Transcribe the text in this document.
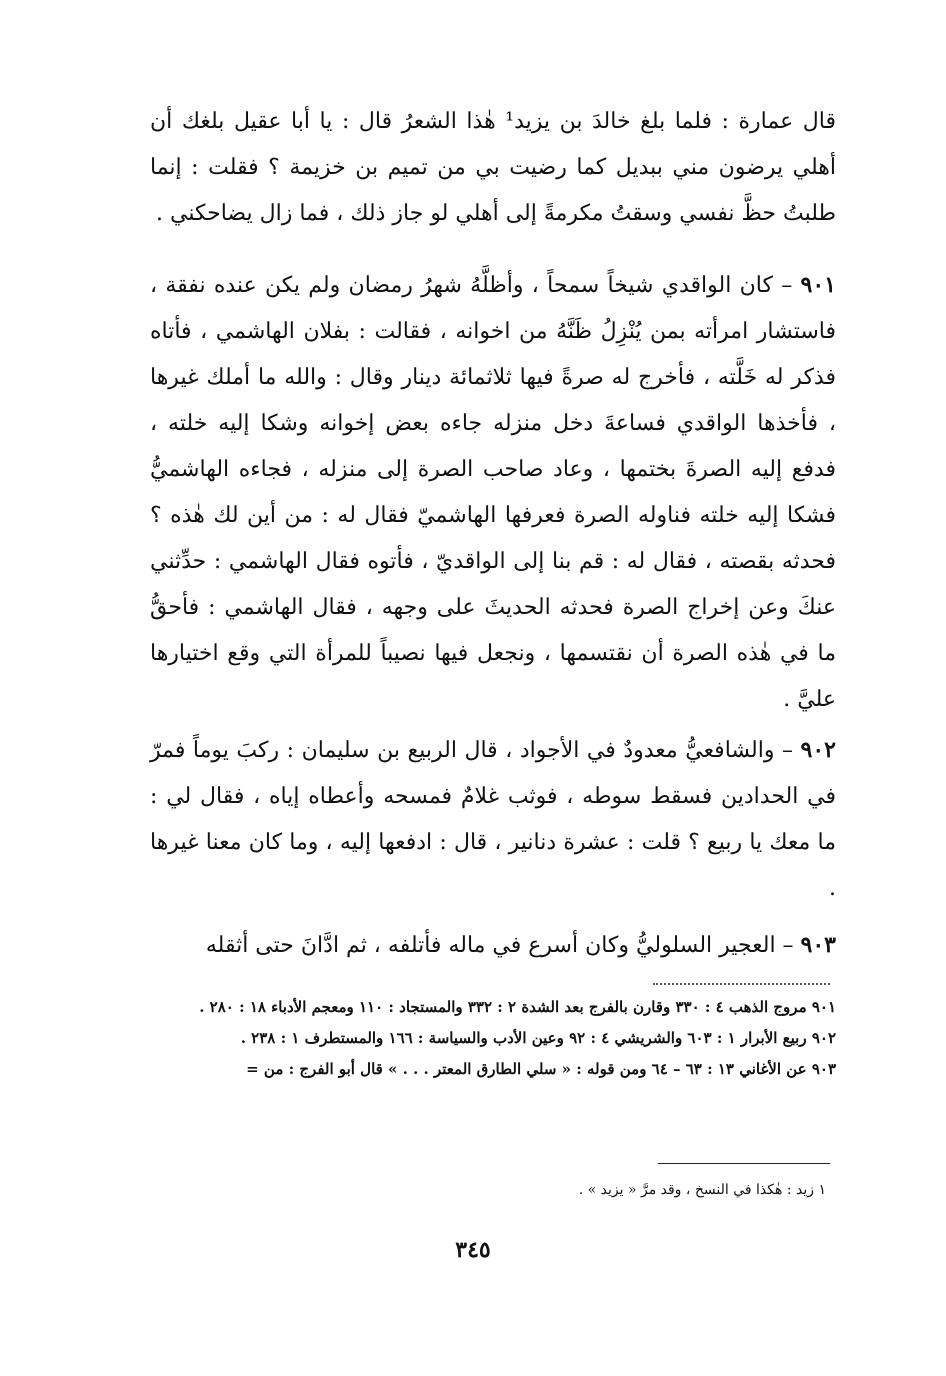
قال عمارة : فلما بلغ خالدَ بن يزيد¹ هٰذا الشعرُ قال : يا أبا عقيل بلغك أن أهلي يرضون مني ببديل كما رضيت بي من تميم بن خزيمة ؟ فقلت : إنما طلبتُ حظَّ نفسي وسقتُ مكرمةً إلى أهلي لو جاز ذلك ، فما زال يضاحكني .

٩٠١ – كان الواقدي شيخاً سمحاً ، وأظلَّهُ شهرُ رمضان ولم يكن عنده نفقة ، فاستشار امرأته بمن يُنْزِلُ ظَنَّهُ من اخوانه ، فقالت : بفلان الهاشمي ، فأتاه فذكر له خَلَّته ، فأخرج له صرةً فيها ثلاثمائة دينار وقال : والله ما أملك غيرها ، فأخذها الواقدي فساعةَ دخل منزله جاءه بعض إخوانه وشكا إليه خلته ، فدفع إليه الصرةَ بختمها ، وعاد صاحب الصرة إلى منزله ، فجاءه الهاشميُّ فشكا إليه خلته فناوله الصرة فعرفها الهاشميّ فقال له : من أين لك هٰذه ؟ فحدثه بقصته ، فقال له : قم بنا إلى الواقديّ ، فأتوه فقال الهاشمي : حدِّثني عنكَ وعن إخراج الصرة فحدثه الحديثَ على وجهه ، فقال الهاشمي : فأحقُّ ما في هٰذه الصرة أن نقتسمها ، ونجعل فيها نصيباً للمرأة التي وقع اختيارها عليَّ .

٩٠٢ – والشافعيُّ معدودٌ في الأجواد ، قال الربيع بن سليمان : ركبَ يوماً فمرّ في الحدادين فسقط سوطه ، فوثب غلامٌ فمسحه وأعطاه إياه ، فقال لي : ما معك يا ربيع ؟ قلت : عشرة دنانير ، قال : ادفعها إليه ، وما كان معنا غيرها .

٩٠٣ – العجير السلوليُّ وكان أسرع في ماله فأتلفه ، ثم ادَّانَ حتى أثقله

٩٠١ مروج الذهب ٤ : ٣٣٠ وقارن بالفرج بعد الشدة ٢ : ٣٣٢ والمستجاد : ١١٠ ومعجم الأدباء ١٨ : ٢٨٠ .
٩٠٢ ربيع الأبرار ١ : ٦٠٣ والشريشي ٤ : ٩٢ وعين الأدب والسياسة : ١٦٦ والمستطرف ١ : ٢٣٨ .
٩٠٣ عن الأغاني ١٣ : ٦٣ – ٦٤ ومن قوله : « سلي الطارق المعتر . . . » قال أبو الفرج : من =
١ زيد : هٰكذا في النسخ ، وقد مرَّ « يزيد » .
٣٤٥
